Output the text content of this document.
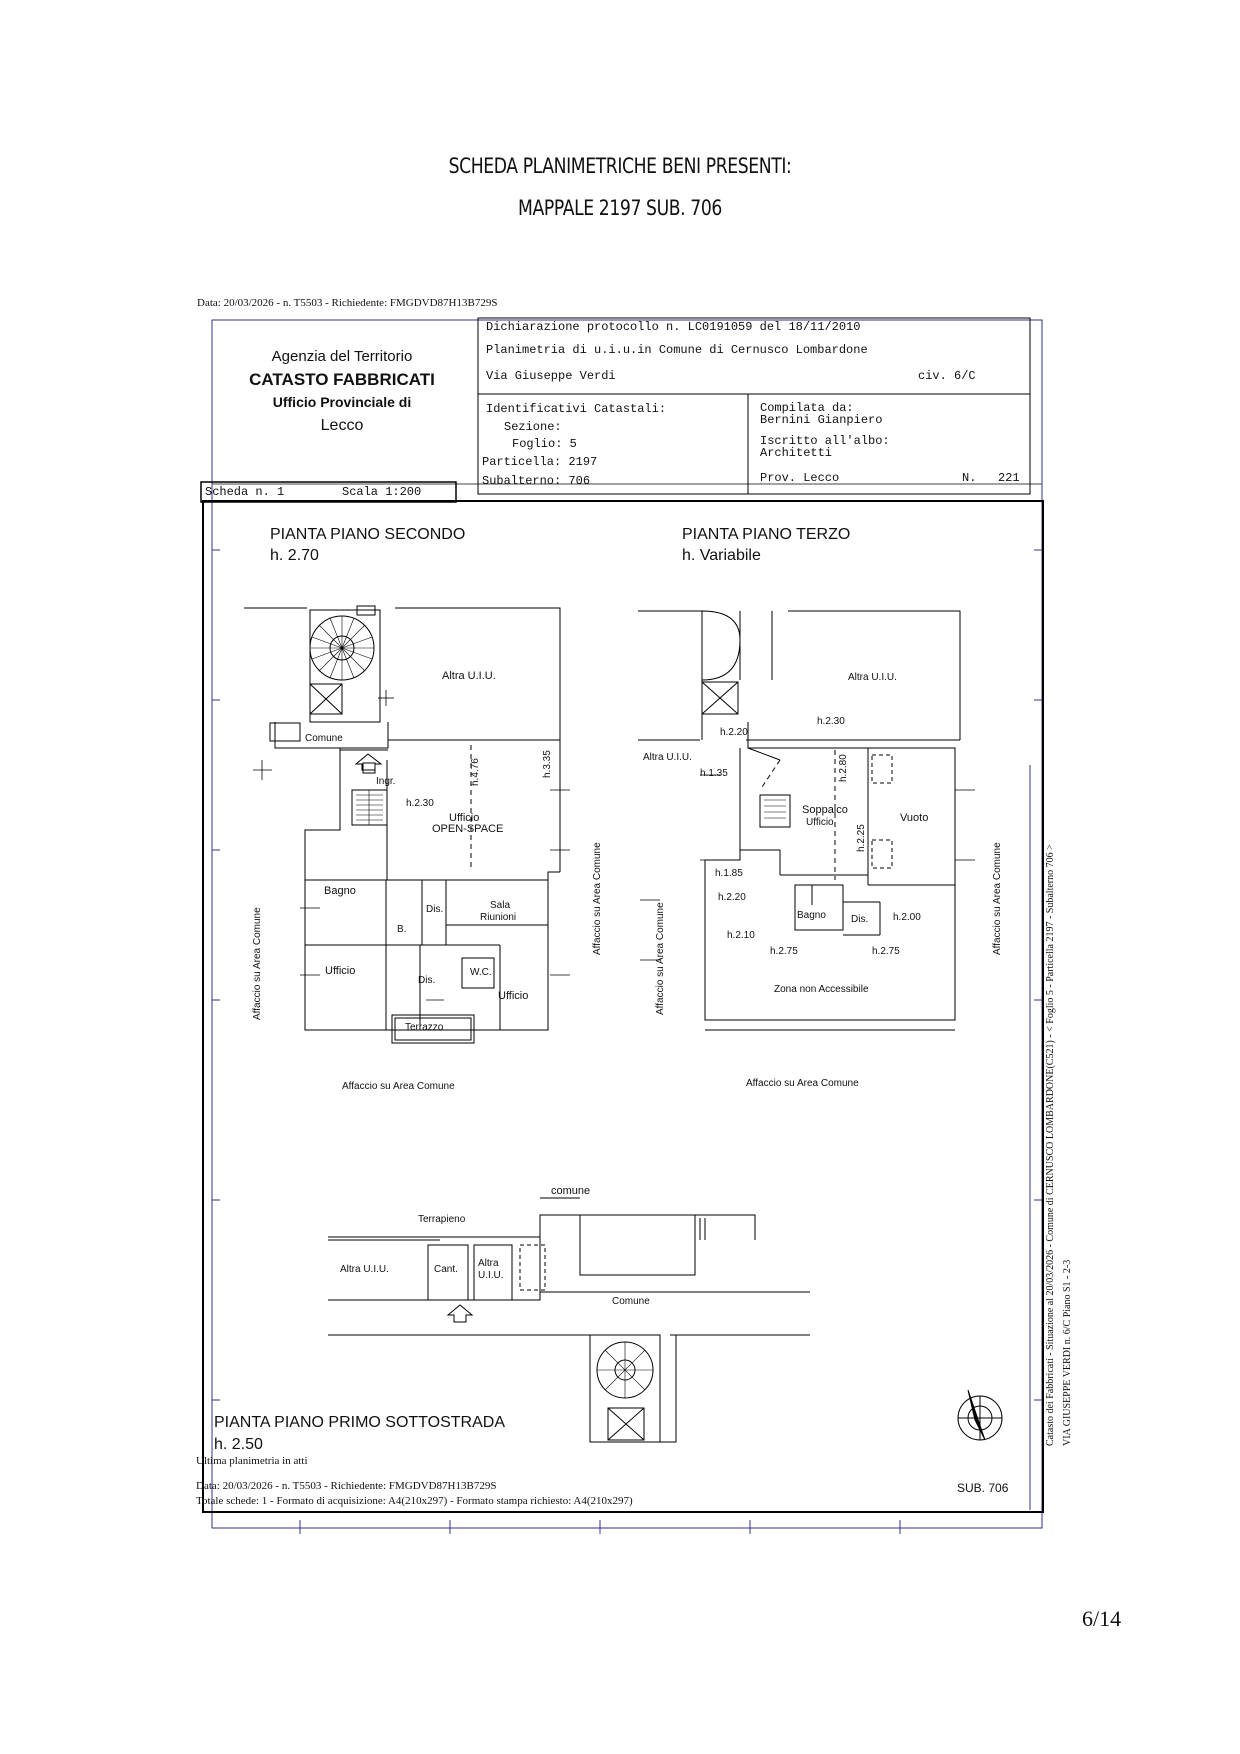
SCHEDA PLANIMETRICHE BENI PRESENTI:
MAPPALE 2197 SUB. 706
Data: 20/03/2026 - n. T5503 - Richiedente: FMGDVD87H13B729S
Agenzia del Territorio
CATASTO FABBRICATI
Ufficio Provinciale di
Lecco
Dichiarazione protocollo n. LC0191059 del 18/11/2010
Planimetria di u.i.u.in Comune di Cernusco Lombardone
Via Giuseppe Verdi	civ. 6/C
Identificativi Catastali:
Sezione:
Foglio: 5
Particella: 2197
Subalterno: 706
Compilata da:
Bernini Gianpiero
Iscritto all'albo:
Architetti
Prov. Lecco	N.   221
Scheda n. 1	Scala 1:200
PIANTA PIANO SECONDO
h. 2.70
PIANTA PIANO TERZO
h. Variabile
PIANTA PIANO PRIMO SOTTOSTRADA
h. 2.50
Altra U.I.U.
Comune
Ingr.
h.2.30
h.4.76	h.3.35
Ufficio
OPEN-SPACE
Bagno
Dis.
B.
Sala
Riunioni
Ufficio
Dis.
W.C.
Ufficio
Terrazzo
Affaccio su Area Comune
Affaccio su Area Comune
Affaccio su Area Comune
Altra U.I.U.
h.2.30
h.2.20
Altra U.I.U.
h.1.35	h.2.80
Soppalco
Ufficio
h.2.25
Vuoto
h.1.85
h.2.20
Bagno	Dis. h.2.00
h.2.10
h.2.75	h.2.75
Zona non Accessibile
Affaccio su Area Comune
Affaccio su Area Comune
Affaccio su Area Comune
comune
Terrapieno
Altra U.I.U.	Cant.
Altra
U.I.U.
Comune
Ultima planimetria in atti
Data: 20/03/2026 - n. T5503 - Richiedente: FMGDVD87H13B729S
Totale schede: 1 - Formato di acquisizione: A4(210x297) - Formato stampa richiesto: A4(210x297)
SUB. 706
Catasto dei Fabbricati - Situazione al 20/03/2026 - Comune di CERNUSCO LOMBARDONE(C521) - < Foglio 5 - Particella 2197 - Subalterno 706 > VIA GIUSEPPE VERDI n. 6/C Piano S1 - 2-3
6/14
